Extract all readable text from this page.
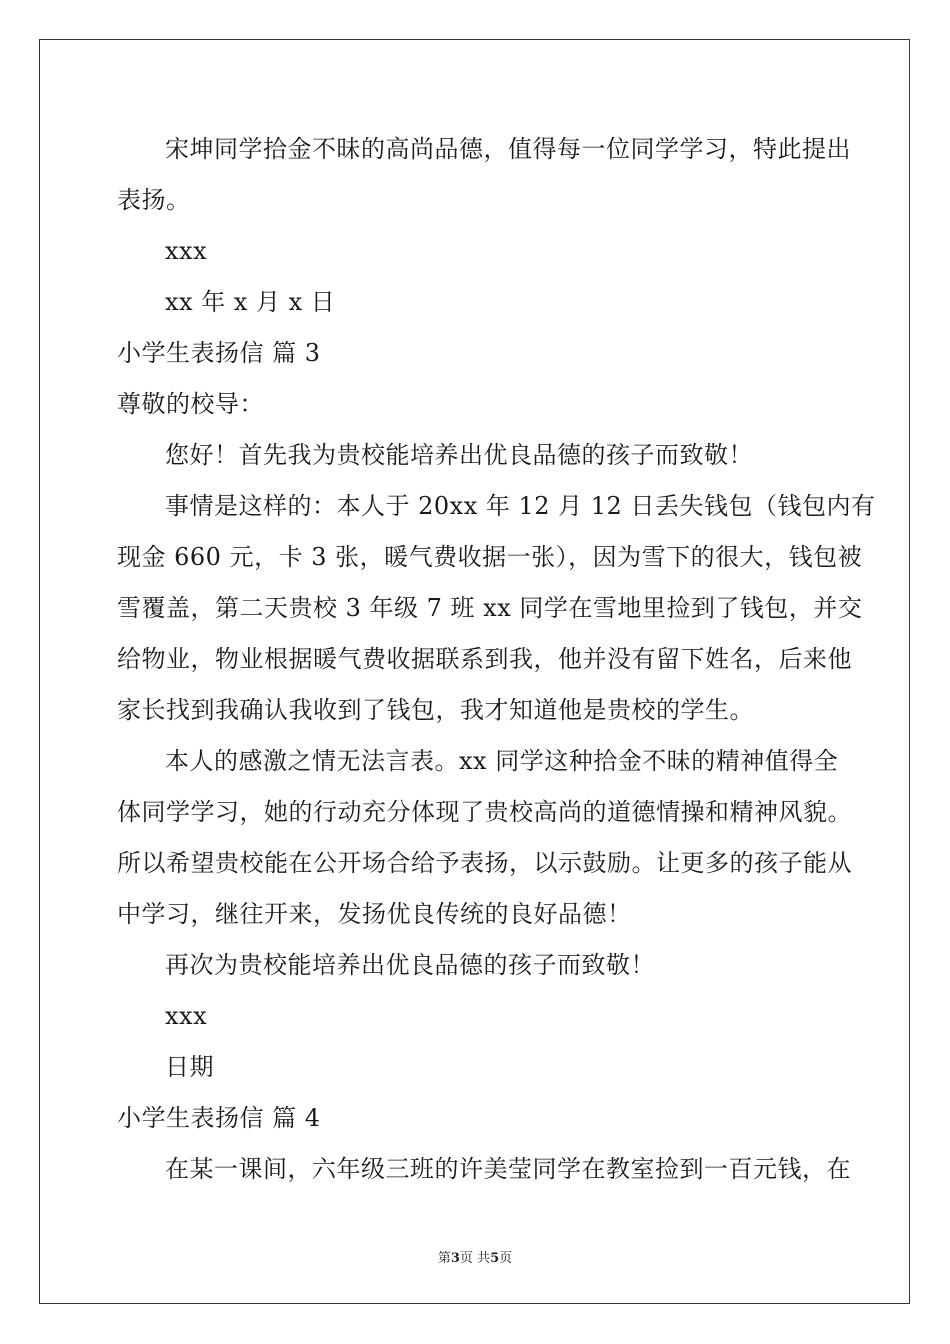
宋坤同学拾金不昧的高尚品德，值得每一位同学学习，特此提出
表扬。
xxx
xx 年 x 月 x 日
小学生表扬信 篇 3
尊敬的校导：
您好！首先我为贵校能培养出优良品德的孩子而致敬！
事情是这样的：本人于 20xx 年 12 月 12 日丢失钱包（钱包内有
现金 660 元，卡 3 张，暖气费收据一张），因为雪下的很大，钱包被
雪覆盖，第二天贵校 3 年级 7 班 xx 同学在雪地里捡到了钱包，并交
给物业，物业根据暖气费收据联系到我，他并没有留下姓名，后来他
家长找到我确认我收到了钱包，我才知道他是贵校的学生。
本人的感激之情无法言表。xx 同学这种拾金不昧的精神值得全
体同学学习，她的行动充分体现了贵校高尚的道德情操和精神风貌。
所以希望贵校能在公开场合给予表扬，以示鼓励。让更多的孩子能从
中学习，继往开来，发扬优良传统的良好品德！
再次为贵校能培养出优良品德的孩子而致敬！
xxx
日期
小学生表扬信 篇 4
在某一课间，六年级三班的许美莹同学在教室捡到一百元钱，在
第3页 共5页
